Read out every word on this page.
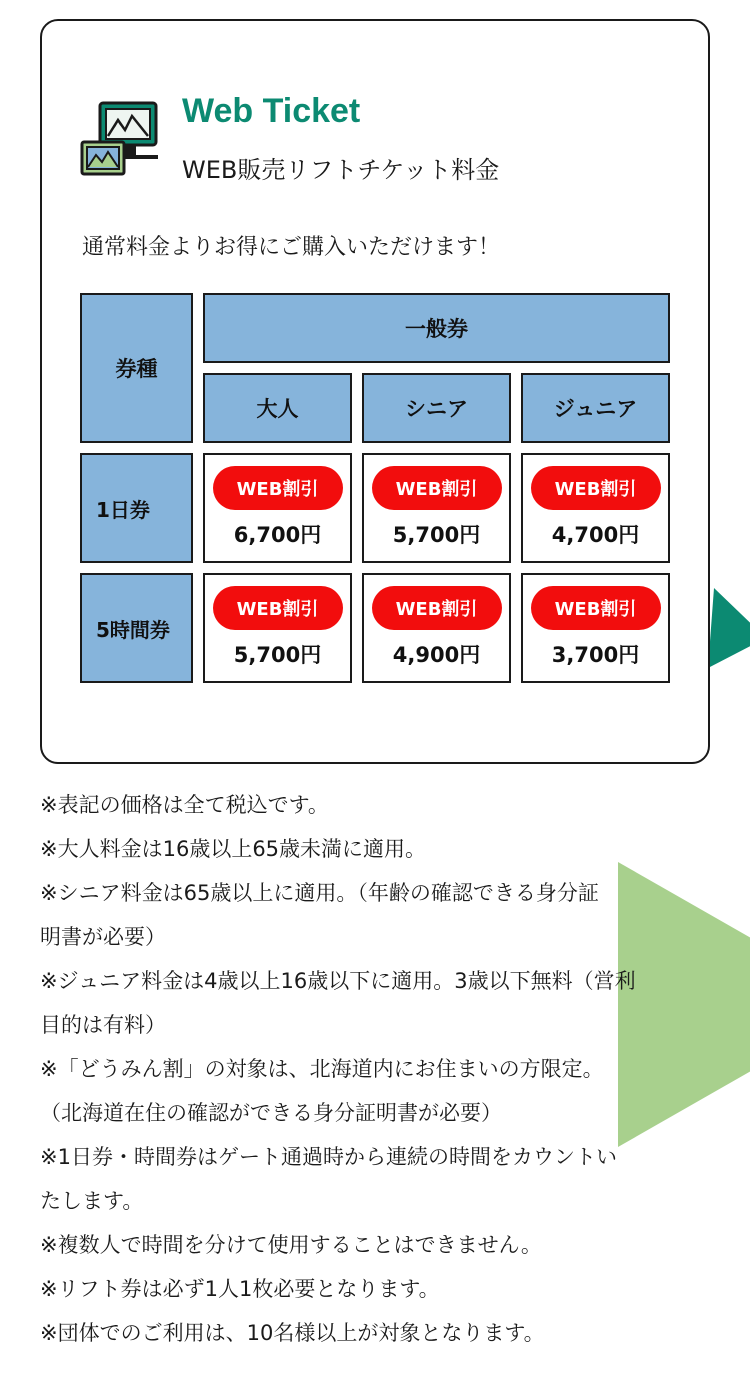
Web Ticket
WEB販売リフトチケット料金
通常料金よりお得にご購入いただけます！
券種
一般券
大人	シニア	ジュニア
1日券
WEB割引
6,700円
WEB割引
5,700円
WEB割引
4,700円
5時間券
WEB割引
5,700円
WEB割引
4,900円
WEB割引
3,700円
※表記の価格は全て税込です。
※大人料金は16歳以上65歳未満に適用。
※シニア料金は65歳以上に適用。（年齢の確認できる身分証
明書が必要）
※ジュニア料金は4歳以上16歳以下に適用。3歳以下無料（営利
目的は有料）
※「どうみん割」の対象は、北海道内にお住まいの方限定。
（北海道在住の確認ができる身分証明書が必要）
※1日券・時間券はゲート通過時から連続の時間をカウントい
たします。
※複数人で時間を分けて使用することはできません。
※リフト券は必ず1人1枚必要となります。
※団体でのご利用は、10名様以上が対象となります。
